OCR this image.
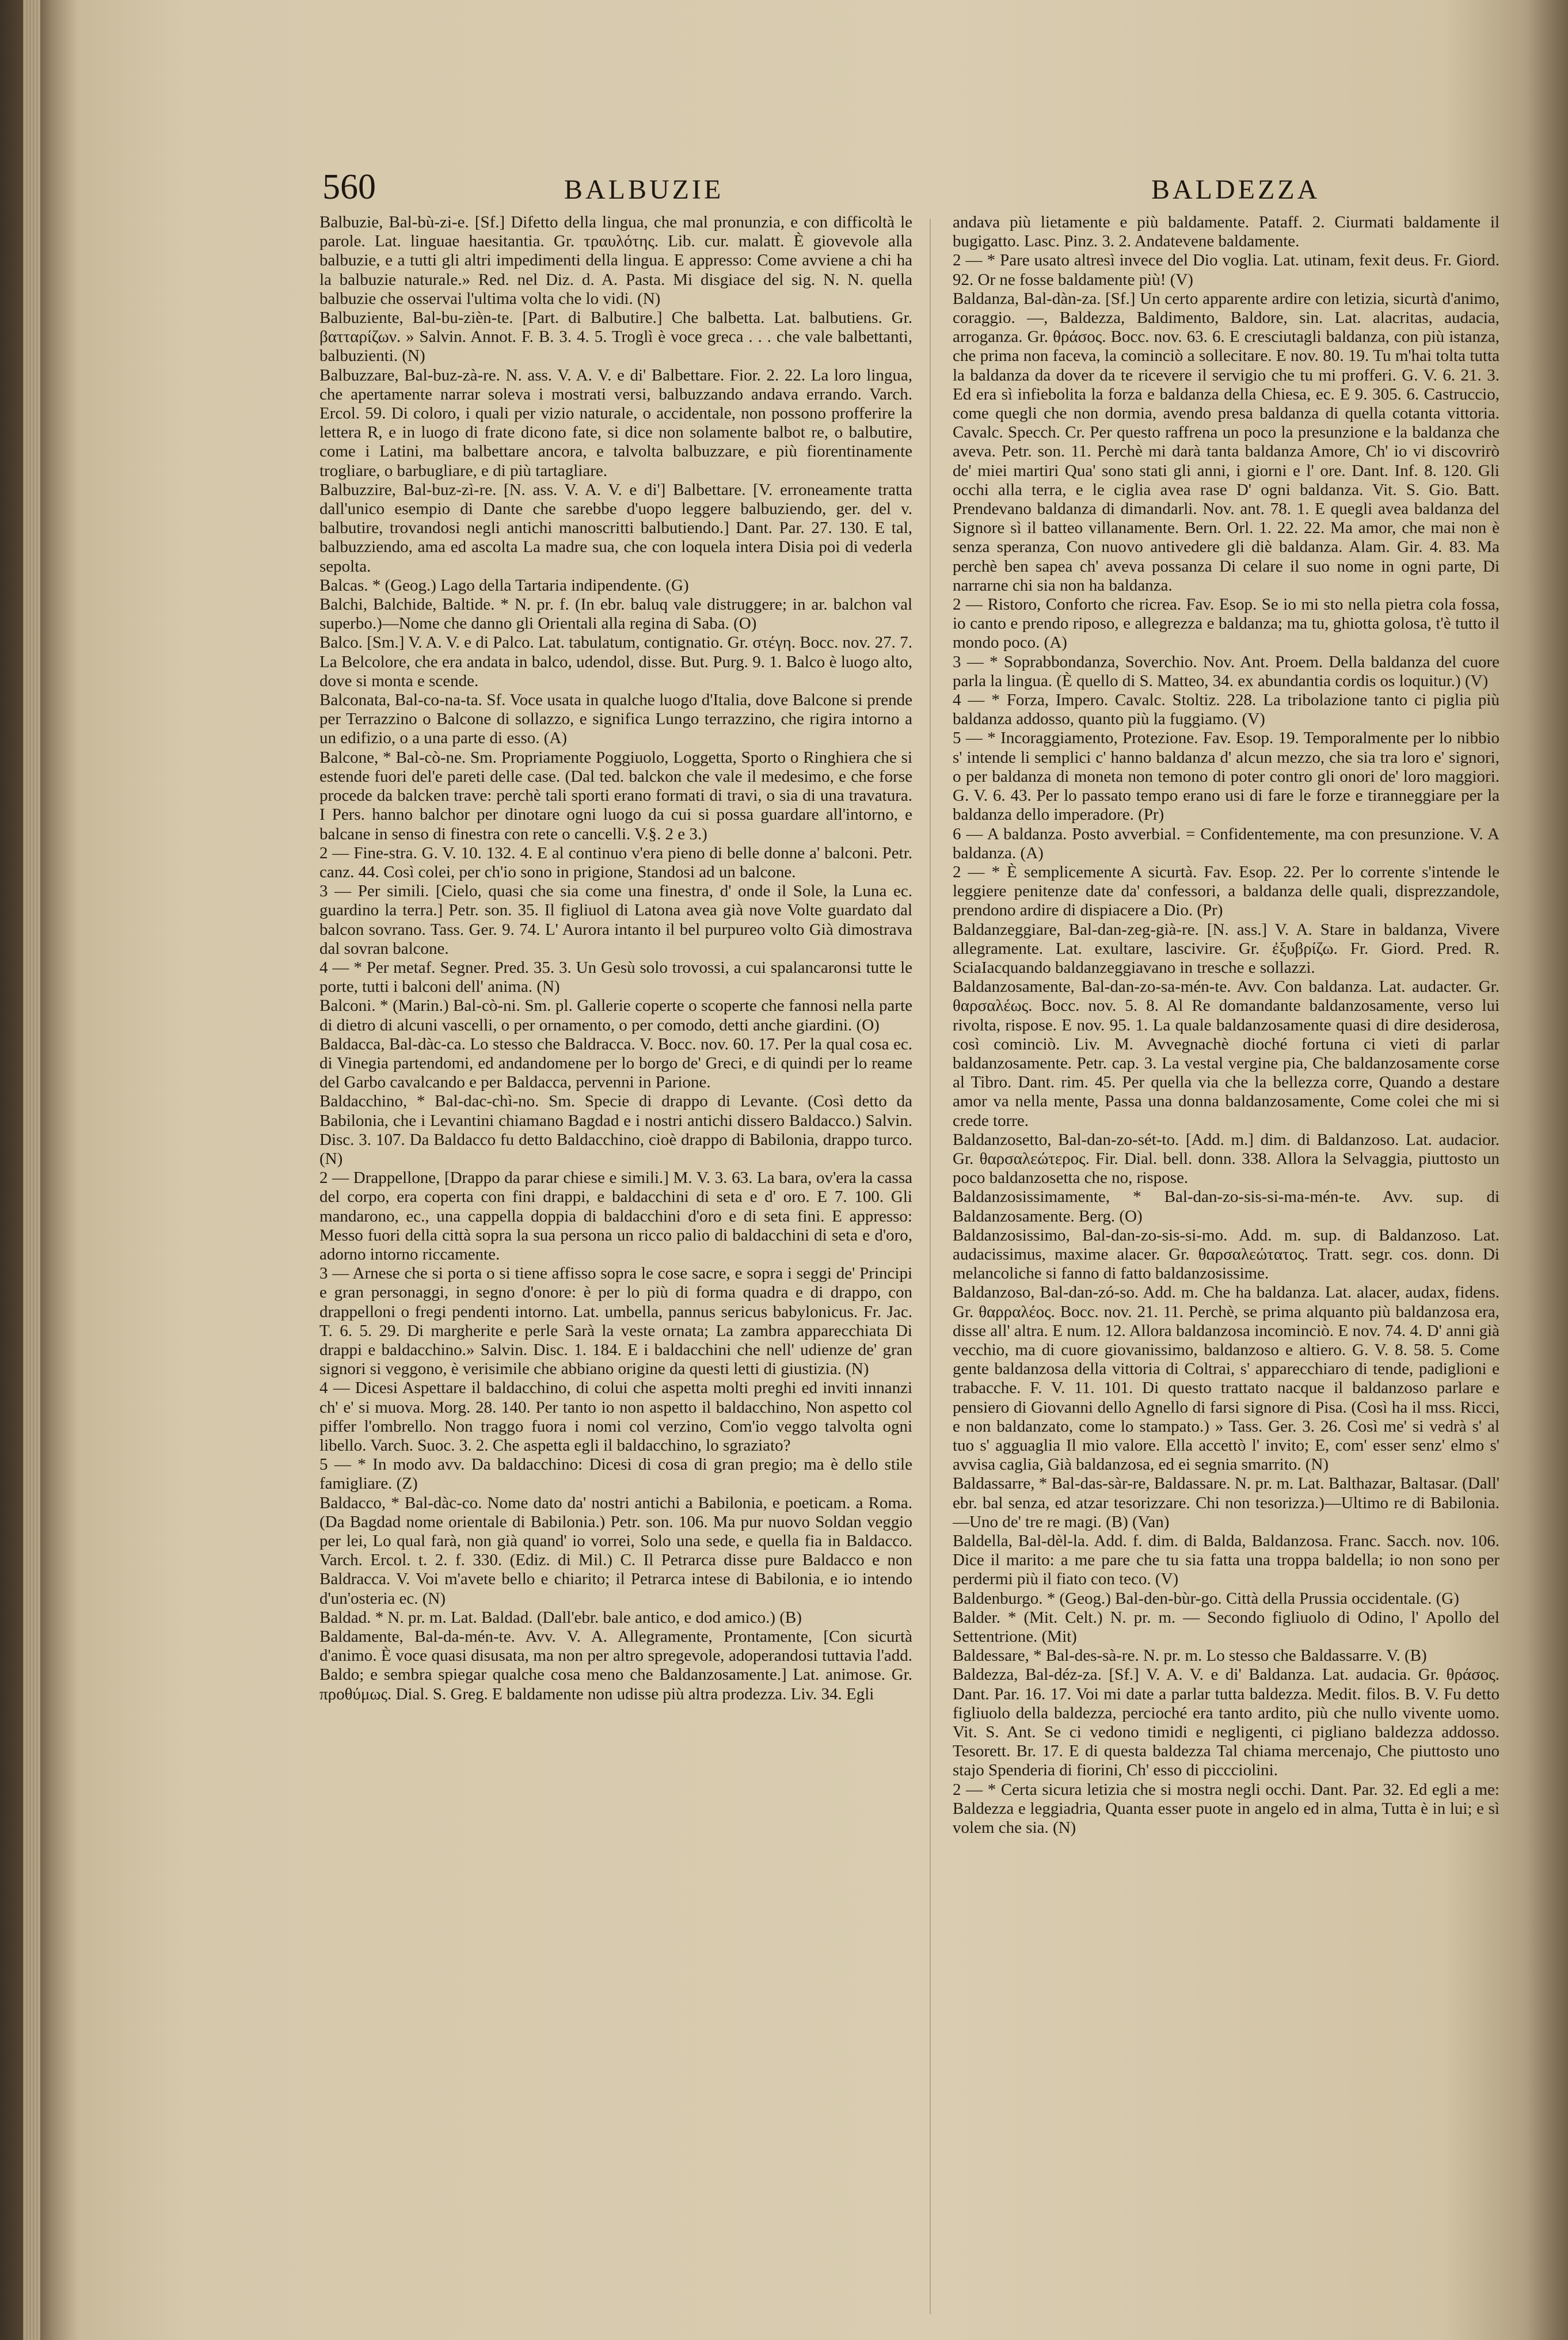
560	BALBUZIE	BALDEZZA
Balbuzie, Bal-bù-zi-e. [Sf.] Difetto della lingua, che mal pronunzia, e con difficoltà le parole. Lat. linguae haesitantia. Gr. τραυλότης. Lib. cur. malatt. È giovevole alla balbuzie, e a tutti gli altri impedimenti della lingua. E appresso: Come avviene a chi ha la balbuzie naturale.» Red. nel Diz. d. A. Pasta. Mi disgiace del sig. N. N. quella balbuzie che osservai l'ultima volta che lo vidi. (N)
Balbuziente, Bal-bu-zièn-te. [Part. di Balbutire.] Che balbetta. Lat. balbutiens. Gr. βατταρίζων. » Salvin. Annot. F. B. 3. 4. 5. Troglì è voce greca . . . che vale balbettanti, balbuzienti. (N)
Balbuzzare, Bal-buz-zà-re. N. ass. V. A. V. e di' Balbettare. Fior. 2. 22. La loro lingua, che apertamente narrar soleva i mostrati versi, balbuzzando andava errando. Varch. Ercol. 59. Di coloro, i quali per vizio naturale, o accidentale, non possono profferire la lettera R, e in luogo di frate dicono fate, si dice non solamente balbot re, o balbutire, come i Latini, ma balbettare ancora, e talvolta balbuzzare, e più fiorentinamente trogliare, o barbugliare, e di più tartagliare.
Balbuzzire, Bal-buz-zì-re. [N. ass. V. A. V. e di'] Balbettare. [V. erroneamente tratta dall'unico esempio di Dante che sarebbe d'uopo leggere balbuziendo, ger. del v. balbutire, trovandosi negli antichi manoscritti balbutiendo.] Dant. Par. 27. 130. E tal, balbuzziendo, ama ed ascolta La madre sua, che con loquela intera Disia poi di vederla sepolta.
Balcas. * (Geog.) Lago della Tartaria indipendente. (G)
Balchi, Balchide, Baltide. * N. pr. f. (In ebr. baluq vale distruggere; in ar. balchon val superbo.)—Nome che danno gli Orientali alla regina di Saba. (O)
Balco. [Sm.] V. A. V. e di Palco. Lat. tabulatum, contignatio. Gr. στέγη. Bocc. nov. 27. 7. La Belcolore, che era andata in balco, udendol, disse. But. Purg. 9. 1. Balco è luogo alto, dove si monta e scende.
Balconata, Bal-co-na-ta. Sf. Voce usata in qualche luogo d'Italia, dove Balcone si prende per Terrazzino o Balcone di sollazzo, e significa Lungo terrazzino, che rigira intorno a un edifizio, o a una parte di esso. (A)
Balcone, * Bal-cò-ne. Sm. Propriamente Poggiuolo, Loggetta, Sporto o Ringhiera che si estende fuori del'e pareti delle case. (Dal ted. balckon che vale il medesimo, e che forse procede da balcken trave: perchè tali sporti erano formati di travi, o sia di una travatura. I Pers. hanno balchor per dinotare ogni luogo da cui si possa guardare all'intorno, e balcane in senso di finestra con rete o cancelli. V.§. 2 e 3.)
2 — Fine-stra. G. V. 10. 132. 4. E al continuo v'era pieno di belle donne a' balconi. Petr. canz. 44. Così colei, per ch'io sono in prigione, Standosi ad un balcone.
3 — Per simili. [Cielo, quasi che sia come una finestra, d' onde il Sole, la Luna ec. guardino la terra.] Petr. son. 35. Il figliuol di Latona avea già nove Volte guardato dal balcon sovrano. Tass. Ger. 9. 74. L' Aurora intanto il bel purpureo volto Già dimostrava dal sovran balcone.
4 — * Per metaf. Segner. Pred. 35. 3. Un Gesù solo trovossi, a cui spalancaronsi tutte le porte, tutti i balconi dell' anima. (N)
Balconi. * (Marin.) Bal-cò-ni. Sm. pl. Gallerie coperte o scoperte che fannosi nella parte di dietro di alcuni vascelli, o per ornamento, o per comodo, detti anche giardini. (O)
Baldacca, Bal-dàc-ca. Lo stesso che Baldracca. V. Bocc. nov. 60. 17. Per la qual cosa ec. di Vinegia partendomi, ed andandomene per lo borgo de' Greci, e di quindi per lo reame del Garbo cavalcando e per Baldacca, pervenni in Parione.
Baldacchino, * Bal-dac-chì-no. Sm. Specie di drappo di Levante. (Così detto da Babilonia, che i Levantini chiamano Bagdad e i nostri antichi dissero Baldacco.) Salvin. Disc. 3. 107. Da Baldacco fu detto Baldacchino, cioè drappo di Babilonia, drappo turco. (N)
2 — Drappellone, [Drappo da parar chiese e simili.] M. V. 3. 63. La bara, ov'era la cassa del corpo, era coperta con fini drappi, e baldacchini di seta e d' oro. E 7. 100. Gli mandarono, ec., una cappella doppia di baldacchini d'oro e di seta fini. E appresso: Messo fuori della città sopra la sua persona un ricco palio di baldacchini di seta e d'oro, adorno intorno riccamente.
3 — Arnese che si porta o si tiene affisso sopra le cose sacre, e sopra i seggi de' Principi e gran personaggi, in segno d'onore: è per lo più di forma quadra e di drappo, con drappelloni o fregi pendenti intorno. Lat. umbella, pannus sericus babylonicus. Fr. Jac. T. 6. 5. 29. Di margherite e perle Sarà la veste ornata; La zambra apparecchiata Di drappi e baldacchino.» Salvin. Disc. 1. 184. E i baldacchini che nell' udienze de' gran signori si veggono, è verisimile che abbiano origine da questi letti di giustizia. (N)
4 — Dicesi Aspettare il baldacchino, di colui che aspetta molti preghi ed inviti innanzi ch' e' si muova. Morg. 28. 140. Per tanto io non aspetto il baldacchino, Non aspetto col piffer l'ombrello. Non traggo fuora i nomi col verzino, Com'io veggo talvolta ogni libello. Varch. Suoc. 3. 2. Che aspetta egli il baldacchino, lo sgraziato?
5 — * In modo avv. Da baldacchino: Dicesi di cosa di gran pregio; ma è dello stile famigliare. (Z)
Baldacco, * Bal-dàc-co. Nome dato da' nostri antichi a Babilonia, e poeticam. a Roma. (Da Bagdad nome orientale di Babilonia.) Petr. son. 106. Ma pur nuovo Soldan veggio per lei, Lo qual farà, non già quand' io vorrei, Solo una sede, e quella fia in Baldacco. Varch. Ercol. t. 2. f. 330. (Ediz. di Mil.) C. Il Petrarca disse pure Baldacco e non Baldracca. V. Voi m'avete bello e chiarito; il Petrarca intese di Babilonia, e io intendo d'un'osteria ec. (N)
Baldad. * N. pr. m. Lat. Baldad. (Dall'ebr. bale antico, e dod amico.) (B)
Baldamente, Bal-da-mén-te. Avv. V. A. Allegramente, Prontamente, [Con sicurtà d'animo. È voce quasi disusata, ma non per altro spregevole, adoperandosi tuttavia l'add. Baldo; e sembra spiegar qualche cosa meno che Baldanzosamente.] Lat. animose. Gr. προθύμως. Dial. S. Greg. E baldamente non udisse più altra prodezza. Liv. 34. Egli
andava più lietamente e più baldamente. Pataff. 2. Ciurmati baldamente il bugigatto. Lasc. Pinz. 3. 2. Andatevene baldamente.
2 — * Pare usato altresì invece del Dio voglia. Lat. utinam, fexit deus. Fr. Giord. 92. Or ne fosse baldamente più! (V)
Baldanza, Bal-dàn-za. [Sf.] Un certo apparente ardire con letizia, sicurtà d'animo, coraggio. —, Baldezza, Baldimento, Baldore, sin. Lat. alacritas, audacia, arroganza. Gr. θράσος. Bocc. nov. 63. 6. E cresciutagli baldanza, con più istanza, che prima non faceva, la cominciò a sollecitare. E nov. 80. 19. Tu m'hai tolta tutta la baldanza da dover da te ricevere il servigio che tu mi profferi. G. V. 6. 21. 3. Ed era sì infiebolita la forza e baldanza della Chiesa, ec. E 9. 305. 6. Castruccio, come quegli che non dormia, avendo presa baldanza di quella cotanta vittoria. Cavalc. Specch. Cr. Per questo raffrena un poco la presunzione e la baldanza che aveva. Petr. son. 11. Perchè mi darà tanta baldanza Amore, Ch' io vi discovrirò de' miei martiri Qua' sono stati gli anni, i giorni e l' ore. Dant. Inf. 8. 120. Gli occhi alla terra, e le ciglia avea rase D' ogni baldanza. Vit. S. Gio. Batt. Prendevano baldanza di dimandarli. Nov. ant. 78. 1. E quegli avea baldanza del Signore sì il batteo villanamente. Bern. Orl. 1. 22. 22. Ma amor, che mai non è senza speranza, Con nuovo antivedere gli diè baldanza. Alam. Gir. 4. 83. Ma perchè ben sapea ch' aveva possanza Di celare il suo nome in ogni parte, Di narrarne chi sia non ha baldanza.
2 — Ristoro, Conforto che ricrea. Fav. Esop. Se io mi sto nella pietra cola fossa, io canto e prendo riposo, e allegrezza e baldanza; ma tu, ghiotta golosa, t'è tutto il mondo poco. (A)
3 — * Soprabbondanza, Soverchio. Nov. Ant. Proem. Della baldanza del cuore parla la lingua. (È quello di S. Matteo, 34. ex abundantia cordis os loquitur.) (V)
4 — * Forza, Impero. Cavalc. Stoltiz. 228. La tribolazione tanto ci piglia più baldanza addosso, quanto più la fuggiamo. (V)
5 — * Incoraggiamento, Protezione. Fav. Esop. 19. Temporalmente per lo nibbio s' intende li semplici c' hanno baldanza d' alcun mezzo, che sia tra loro e' signori, o per baldanza di moneta non temono di poter contro gli onori de' loro maggiori. G. V. 6. 43. Per lo passato tempo erano usi di fare le forze e tiranneggiare per la baldanza dello imperadore. (Pr)
6 — A baldanza. Posto avverbial. = Confidentemente, ma con presunzione. V. A baldanza. (A)
2 — * È semplicemente A sicurtà. Fav. Esop. 22. Per lo corrente s'intende le leggiere penitenze date da' confessori, a baldanza delle quali, disprezzandole, prendono ardire di dispiacere a Dio. (Pr)
Baldanzeggiare, Bal-dan-zeg-già-re. [N. ass.] V. A. Stare in baldanza, Vivere allegramente. Lat. exultare, lascivire. Gr. ἐξυβρίζω. Fr. Giord. Pred. R. SciaIacquando baldanzeggiavano in tresche e sollazzi.
Baldanzosamente, Bal-dan-zo-sa-mén-te. Avv. Con baldanza. Lat. audacter. Gr. θαρσαλέως. Bocc. nov. 5. 8. Al Re domandante baldanzosamente, verso lui rivolta, rispose. E nov. 95. 1. La quale baldanzosamente quasi di dire desiderosa, così cominciò. Liv. M. Avvegnachè dioché fortuna ci vieti di parlar baldanzosamente. Petr. cap. 3. La vestal vergine pia, Che baldanzosamente corse al Tibro. Dant. rim. 45. Per quella via che la bellezza corre, Quando a destare amor va nella mente, Passa una donna baldanzosamente, Come colei che mi si crede torre.
Baldanzosetto, Bal-dan-zo-sét-to. [Add. m.] dim. di Baldanzoso. Lat. audacior. Gr. θαρσαλεώτερος. Fir. Dial. bell. donn. 338. Allora la Selvaggia, piuttosto un poco baldanzosetta che no, rispose.
Baldanzosissimamente, * Bal-dan-zo-sis-si-ma-mén-te. Avv. sup. di Baldanzosamente. Berg. (O)
Baldanzosissimo, Bal-dan-zo-sis-si-mo. Add. m. sup. di Baldanzoso. Lat. audacissimus, maxime alacer. Gr. θαρσαλεώτατος. Tratt. segr. cos. donn. Di melancoliche si fanno di fatto baldanzosissime.
Baldanzoso, Bal-dan-zó-so. Add. m. Che ha baldanza. Lat. alacer, audax, fidens. Gr. θαρραλέος. Bocc. nov. 21. 11. Perchè, se prima alquanto più baldanzosa era, disse all' altra. E num. 12. Allora baldanzosa incominciò. E nov. 74. 4. D' anni già vecchio, ma di cuore giovanissimo, baldanzoso e altiero. G. V. 8. 58. 5. Come gente baldanzosa della vittoria di Coltrai, s' apparecchiaro di tende, padiglioni e trabacche. F. V. 11. 101. Di questo trattato nacque il baldanzoso parlare e pensiero di Giovanni dello Agnello di farsi signore di Pisa. (Così ha il mss. Ricci, e non baldanzato, come lo stampato.) » Tass. Ger. 3. 26. Così me' si vedrà s' al tuo s' agguaglia Il mio valore. Ella accettò l' invito; E, com' esser senz' elmo s' avvisa caglia, Già baldanzosa, ed ei segnia smarrito. (N)
Baldassarre, * Bal-das-sàr-re, Baldassare. N. pr. m. Lat. Balthazar, Baltasar. (Dall' ebr. bal senza, ed atzar tesorizzare. Chi non tesorizza.)—Ultimo re di Babilonia.—Uno de' tre re magi. (B) (Van)
Baldella, Bal-dèl-la. Add. f. dim. di Balda, Baldanzosa. Franc. Sacch. nov. 106. Dice il marito: a me pare che tu sia fatta una troppa baldella; io non sono per perdermi più il fiato con teco. (V)
Baldenburgo. * (Geog.) Bal-den-bùr-go. Città della Prussia occidentale. (G)
Balder. * (Mit. Celt.) N. pr. m. — Secondo figliuolo di Odino, l' Apollo del Settentrione. (Mit)
Baldessare, * Bal-des-sà-re. N. pr. m. Lo stesso che Baldassarre. V. (B)
Baldezza, Bal-déz-za. [Sf.] V. A. V. e di' Baldanza. Lat. audacia. Gr. θράσος. Dant. Par. 16. 17. Voi mi date a parlar tutta baldezza. Medit. filos. B. V. Fu detto figliuolo della baldezza, percioché era tanto ardito, più che nullo vivente uomo. Vit. S. Ant. Se ci vedono timidi e negligenti, ci pigliano baldezza addosso. Tesorett. Br. 17. E di questa baldezza Tal chiama mercenajo, Che piuttosto uno stajo Spenderia di fiorini, Ch' esso di piccciolini.
2 — * Certa sicura letizia che si mostra negli occhi. Dant. Par. 32. Ed egli a me: Baldezza e leggiadria, Quanta esser puote in angelo ed in alma, Tutta è in lui; e sì volem che sia. (N)
